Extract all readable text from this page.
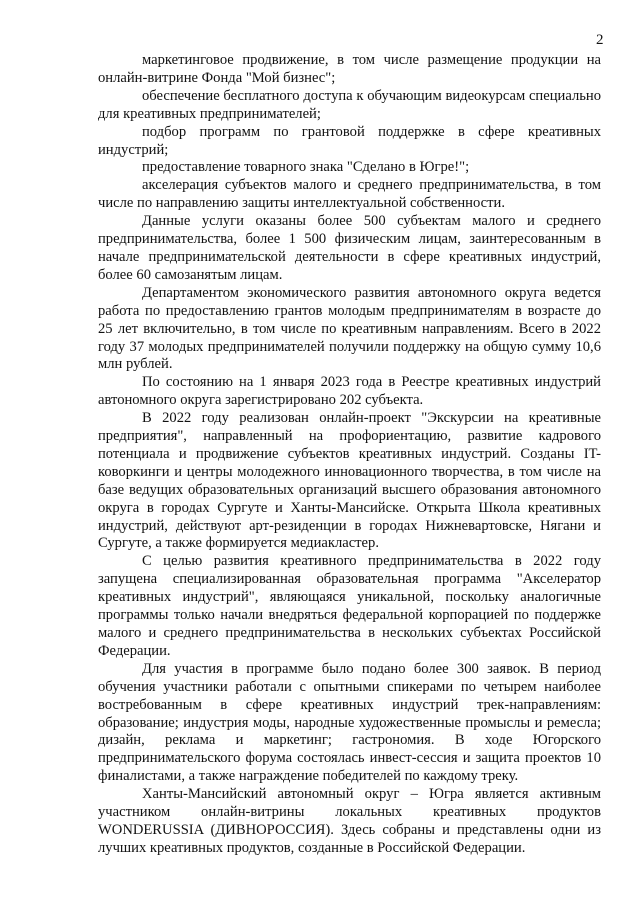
2

маркетинговое продвижение, в том числе размещение продукции на онлайн-витрине Фонда "Мой бизнес";

обеспечение бесплатного доступа к обучающим видеокурсам специально для креативных предпринимателей;

подбор программ по грантовой поддержке в сфере креативных индустрий;

предоставление товарного знака "Сделано в Югре!";

акселерация субъектов малого и среднего предпринимательства, в том числе по направлению защиты интеллектуальной собственности.

Данные услуги оказаны более 500 субъектам малого и среднего предпринимательства, более 1 500 физическим лицам, заинтересованным в начале предпринимательской деятельности в сфере креативных индустрий, более 60 самозанятым лицам.

Департаментом экономического развития автономного округа ведется работа по предоставлению грантов молодым предпринимателям в возрасте до 25 лет включительно, в том числе по креативным направлениям. Всего в 2022 году 37 молодых предпринимателей получили поддержку на общую сумму 10,6 млн рублей.

По состоянию на 1 января 2023 года в Реестре креативных индустрий автономного округа зарегистрировано 202 субъекта.

В 2022 году реализован онлайн-проект "Экскурсии на креативные предприятия", направленный на профориентацию, развитие кадрового потенциала и продвижение субъектов креативных индустрий. Созданы IT-коворкинги и центры молодежного инновационного творчества, в том числе на базе ведущих образовательных организаций высшего образования автономного округа в городах Сургуте и Ханты-Мансийске. Открыта Школа креативных индустрий, действуют арт-резиденции в городах Нижневартовске, Нягани и Сургуте, а также формируется медиакластер.

С целью развития креативного предпринимательства в 2022 году запущена специализированная образовательная программа "Акселератор креативных индустрий", являющаяся уникальной, поскольку аналогичные программы только начали внедряться федеральной корпорацией по поддержке малого и среднего предпринимательства в нескольких субъектах Российской Федерации.

Для участия в программе было подано более 300 заявок. В период обучения участники работали с опытными спикерами по четырем наиболее востребованным в сфере креативных индустрий трек-направлениям: образование; индустрия моды, народные художественные промыслы и ремесла; дизайн, реклама и маркетинг; гастрономия. В ходе Югорского предпринимательского форума состоялась инвест-сессия и защита проектов 10 финалистами, а также награждение победителей по каждому треку.

Ханты-Мансийский автономный округ – Югра является активным участником онлайн-витрины локальных креативных продуктов WONDERUSSIA (ДИВНОРОССИЯ). Здесь собраны и представлены одни из лучших креативных продуктов, созданные в Российской Федерации.
